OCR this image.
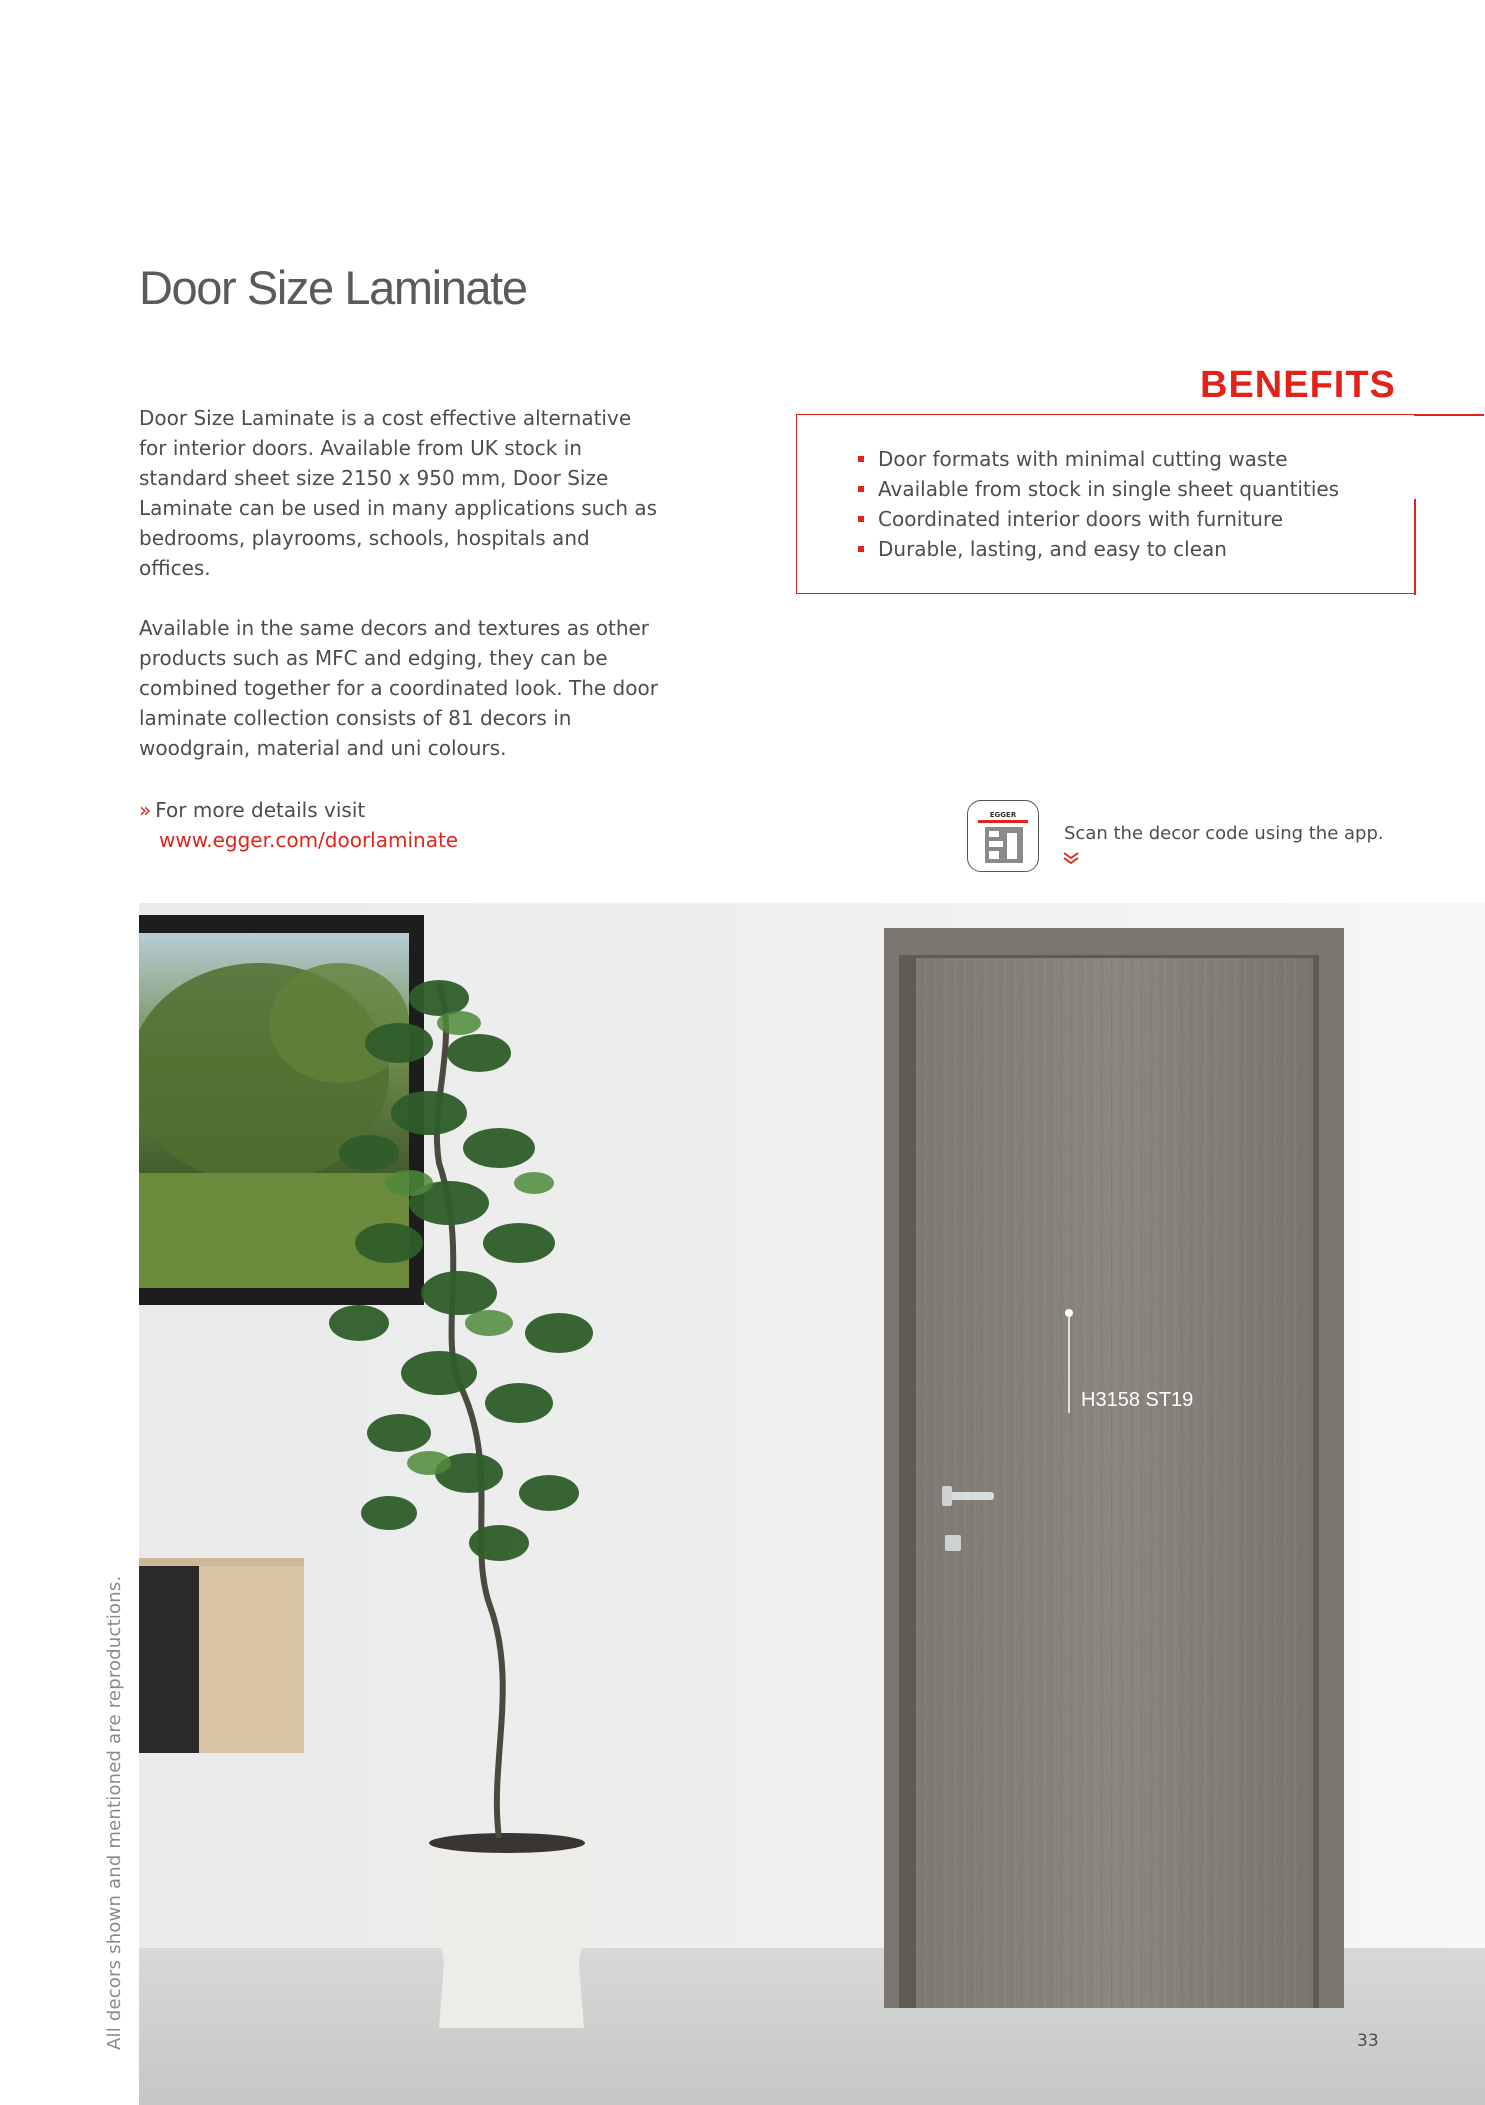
Door Size Laminate

Door Size Laminate is a cost effective alternative for interior doors. Available from UK stock in standard sheet size 2150 x 950 mm, Door Size Laminate can be used in many applications such as bedrooms, playrooms, schools, hospitals and offices.

Available in the same decors and textures as other products such as MFC and edging, they can be combined together for a coordinated look. The door laminate collection consists of 81 decors in woodgrain, material and uni colours.

» For more details visit
www.egger.com/doorlaminate
BENEFITS
Door formats with minimal cutting waste
Available from stock in single sheet quantities
Coordinated interior doors with furniture
Durable, lasting, and easy to clean
EGGER
Scan the decor code using the app.
H3158 ST19
33
All decors shown and mentioned are reproductions.
